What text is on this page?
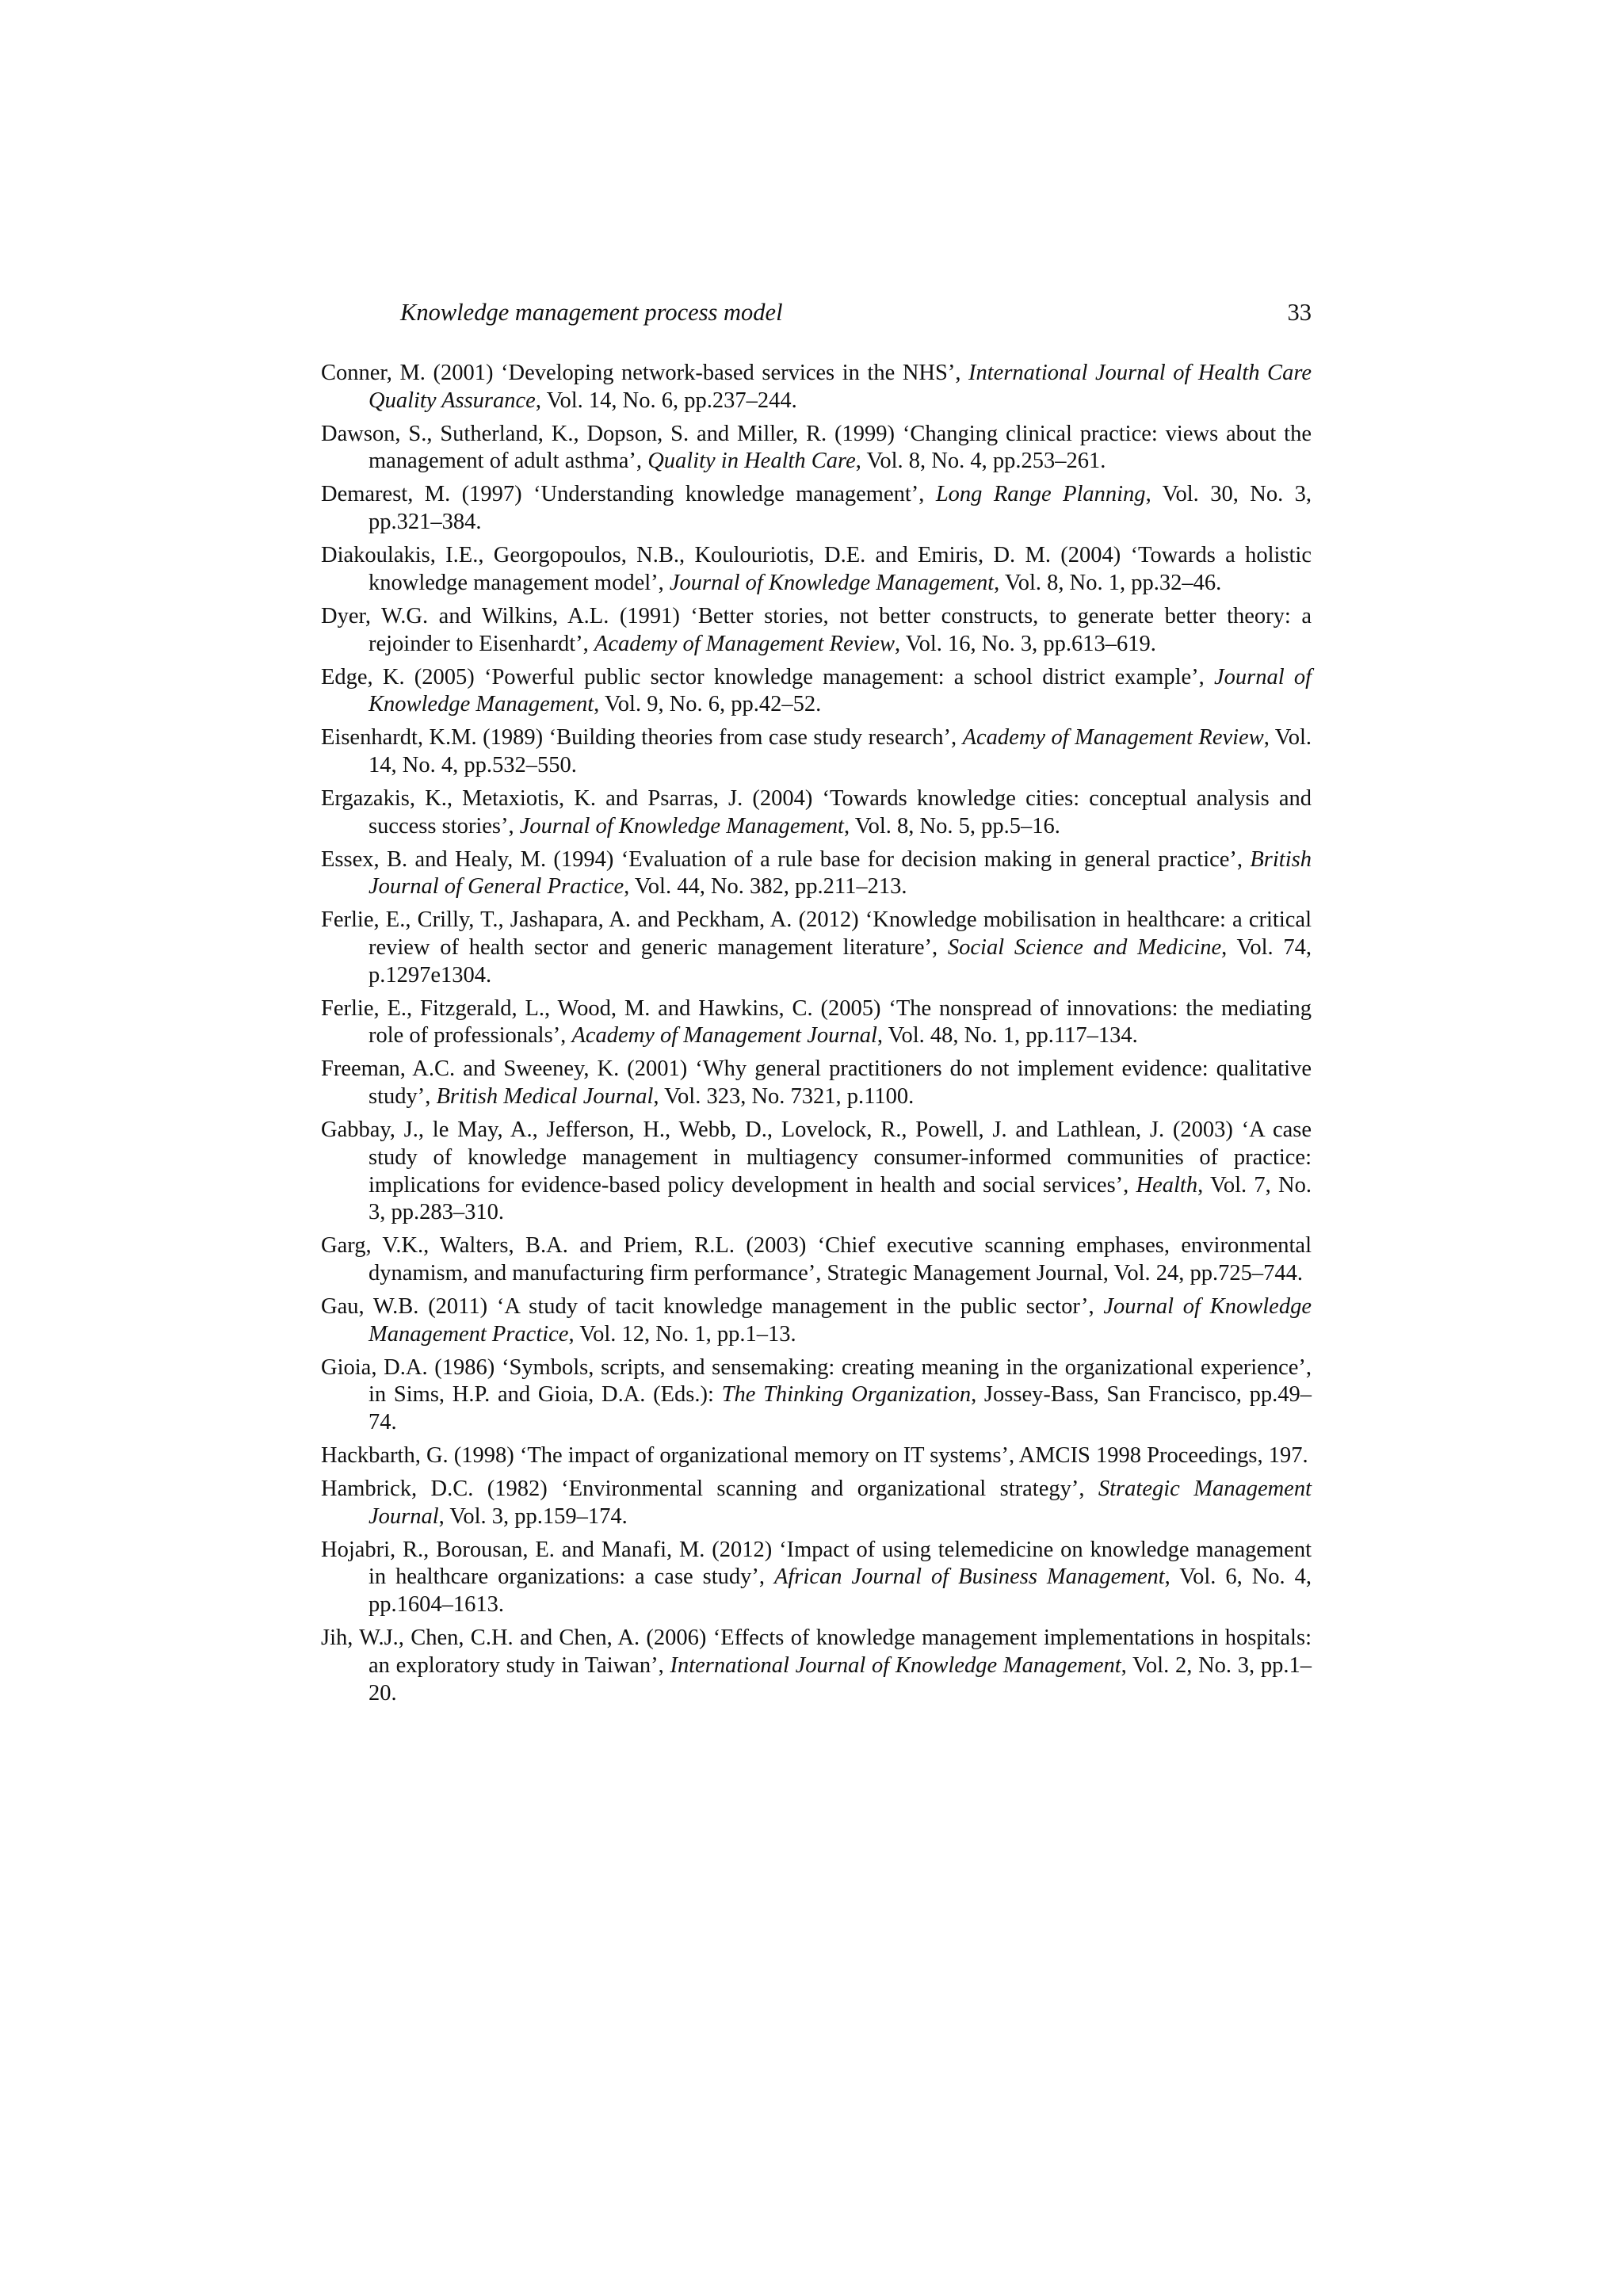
Knowledge management process model	33
Conner, M. (2001) ‘Developing network-based services in the NHS’, International Journal of Health Care Quality Assurance, Vol. 14, No. 6, pp.237–244.
Dawson, S., Sutherland, K., Dopson, S. and Miller, R. (1999) ‘Changing clinical practice: views about the management of adult asthma’, Quality in Health Care, Vol. 8, No. 4, pp.253–261.
Demarest, M. (1997) ‘Understanding knowledge management’, Long Range Planning, Vol. 30, No. 3, pp.321–384.
Diakoulakis, I.E., Georgopoulos, N.B., Koulouriotis, D.E. and Emiris, D. M. (2004) ‘Towards a holistic knowledge management model’, Journal of Knowledge Management, Vol. 8, No. 1, pp.32–46.
Dyer, W.G. and Wilkins, A.L. (1991) ‘Better stories, not better constructs, to generate better theory: a rejoinder to Eisenhardt’, Academy of Management Review, Vol. 16, No. 3, pp.613–619.
Edge, K. (2005) ‘Powerful public sector knowledge management: a school district example’, Journal of Knowledge Management, Vol. 9, No. 6, pp.42–52.
Eisenhardt, K.M. (1989) ‘Building theories from case study research’, Academy of Management Review, Vol. 14, No. 4, pp.532–550.
Ergazakis, K., Metaxiotis, K. and Psarras, J. (2004) ‘Towards knowledge cities: conceptual analysis and success stories’, Journal of Knowledge Management, Vol. 8, No. 5, pp.5–16.
Essex, B. and Healy, M. (1994) ‘Evaluation of a rule base for decision making in general practice’, British Journal of General Practice, Vol. 44, No. 382, pp.211–213.
Ferlie, E., Crilly, T., Jashapara, A. and Peckham, A. (2012) ‘Knowledge mobilisation in healthcare: a critical review of health sector and generic management literature’, Social Science and Medicine, Vol. 74, p.1297e1304.
Ferlie, E., Fitzgerald, L., Wood, M. and Hawkins, C. (2005) ‘The nonspread of innovations: the mediating role of professionals’, Academy of Management Journal, Vol. 48, No. 1, pp.117–134.
Freeman, A.C. and Sweeney, K. (2001) ‘Why general practitioners do not implement evidence: qualitative study’, British Medical Journal, Vol. 323, No. 7321, p.1100.
Gabbay, J., le May, A., Jefferson, H., Webb, D., Lovelock, R., Powell, J. and Lathlean, J. (2003) ‘A case study of knowledge management in multiagency consumer-informed communities of practice: implications for evidence-based policy development in health and social services’, Health, Vol. 7, No. 3, pp.283–310.
Garg, V.K., Walters, B.A. and Priem, R.L. (2003) ‘Chief executive scanning emphases, environmental dynamism, and manufacturing firm performance’, Strategic Management Journal, Vol. 24, pp.725–744.
Gau, W.B. (2011) ‘A study of tacit knowledge management in the public sector’, Journal of Knowledge Management Practice, Vol. 12, No. 1, pp.1–13.
Gioia, D.A. (1986) ‘Symbols, scripts, and sensemaking: creating meaning in the organizational experience’, in Sims, H.P. and Gioia, D.A. (Eds.): The Thinking Organization, Jossey-Bass, San Francisco, pp.49–74.
Hackbarth, G. (1998) ‘The impact of organizational memory on IT systems’, AMCIS 1998 Proceedings, 197.
Hambrick, D.C. (1982) ‘Environmental scanning and organizational strategy’, Strategic Management Journal, Vol. 3, pp.159–174.
Hojabri, R., Borousan, E. and Manafi, M. (2012) ‘Impact of using telemedicine on knowledge management in healthcare organizations: a case study’, African Journal of Business Management, Vol. 6, No. 4, pp.1604–1613.
Jih, W.J., Chen, C.H. and Chen, A. (2006) ‘Effects of knowledge management implementations in hospitals: an exploratory study in Taiwan’, International Journal of Knowledge Management, Vol. 2, No. 3, pp.1–20.
